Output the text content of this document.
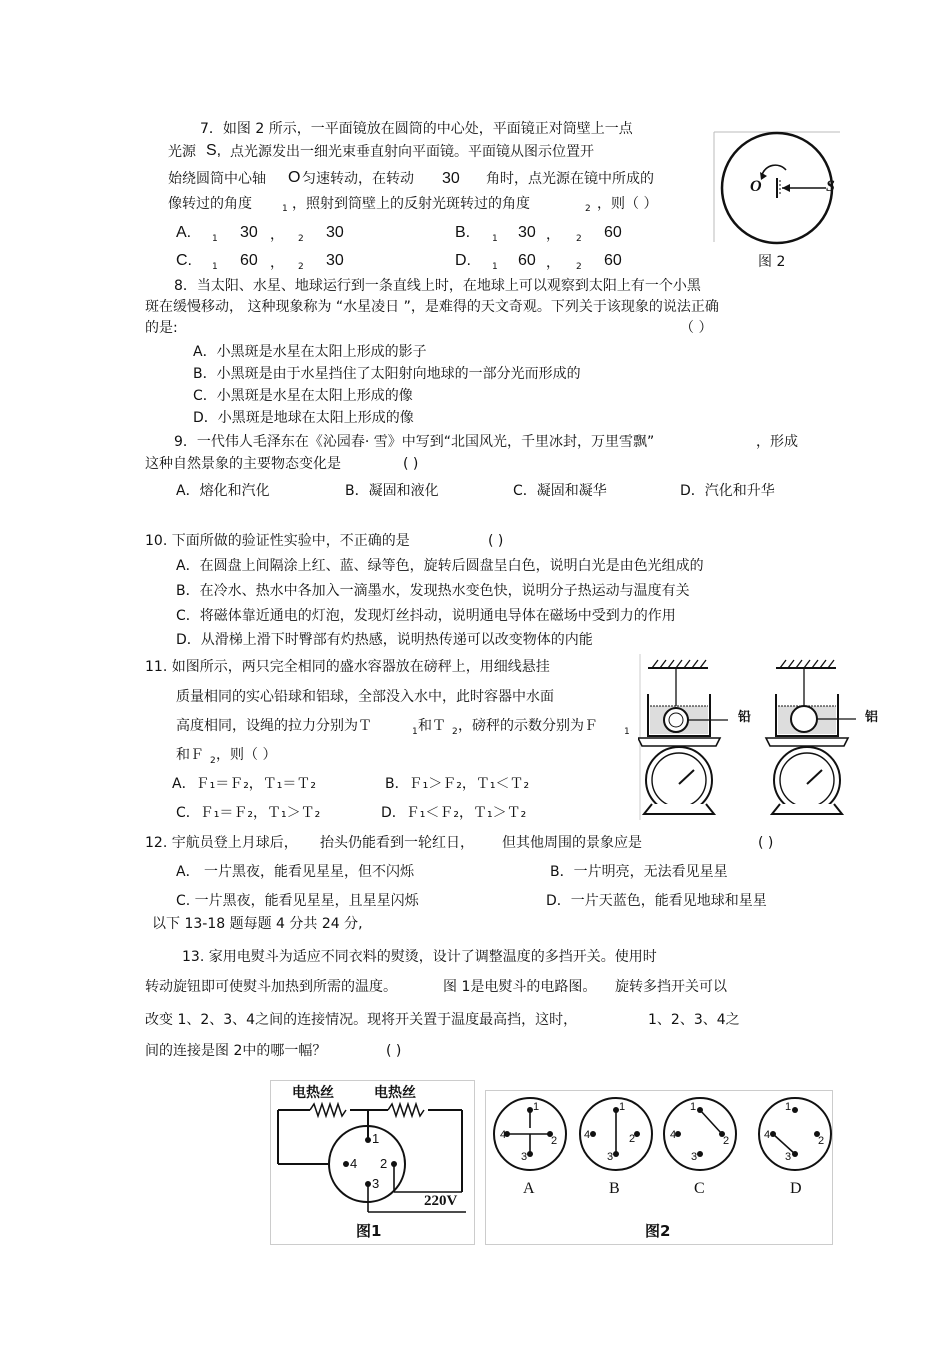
7．如图 2 所示，一平面镜放在圆筒的中心处，平面镜正对筒壁上一点
光源 S, 点光源发出一细光束垂直射向平面镜。平面镜从图示位置开
始绕圆筒中心轴 O 匀速转动，在转动 30 角时，点光源在镜中所成的
像转过的角度	1 ，照射到筒壁上的反射光斑转过的角度	2 ，则（ ）
A. 1 30 ， 2 30	B. 1 30 ， 2 60
C. 1 60 ， 2 30	D. 1 60 ， 2 60
O	S
图 2
8．当太阳、水星、地球运行到一条直线上时，在地球上可以观察到太阳上有一个小黑
斑在缓慢移动， 这种现象称为 “水星凌日 ”，是难得的天文奇观。下列关于该现象的说法正确
的是:	（ ）
A．小黑斑是水星在太阳上形成的影子
B．小黑斑是由于水星挡住了太阳射向地球的一部分光而形成的
C．小黑斑是水星在太阳上形成的像
D．小黑斑是地球在太阳上形成的像
9．一代伟人毛泽东在《沁园春· 雪》中写到“北国风光，千里冰封，万里雪飘”	，形成
这种自然景象的主要物态变化是	( )
A．熔化和汽化	B．凝固和液化	C．凝固和凝华	D．汽化和升华
10. 下面所做的验证性实验中，不正确的是	( )
A．在圆盘上间隔涂上红、蓝、绿等色，旋转后圆盘呈白色，说明白光是由色光组成的
B．在冷水、热水中各加入一滴墨水，发现热水变色快，说明分子热运动与温度有关
C．将磁体靠近通电的灯泡，发现灯丝抖动，说明通电导体在磁场中受到力的作用
D．从滑梯上滑下时臀部有灼热感，说明热传递可以改变物体的内能
11. 如图所示，两只完全相同的盛水容器放在磅秤上，用细线悬挂
质量相同的实心铅球和铝球，全部没入水中，此时容器中水面
高度相同，设绳的拉力分别为Ｔ	1 和Ｔ 2 ，磅秤的示数分别为Ｆ	1
和Ｆ 2 ，则（ ）
A．Ｆ₁＝Ｆ₂，Ｔ₁＝Ｔ₂	B．Ｆ₁＞Ｆ₂，Ｔ₁＜Ｔ₂
C．Ｆ₁＝Ｆ₂，Ｔ₁＞Ｔ₂	D．Ｆ₁＜Ｆ₂，Ｔ₁＞Ｔ₂
铅	铝
12. 宇航员登上月球后， 抬头仍能看到一轮红日， 但其他周围的景象应是	( )
A． 一片黑夜，能看见星星，但不闪烁	B．一片明亮，无法看见星星
C. 一片黑夜，能看见星星，且星星闪烁	D．一片天蓝色，能看见地球和星星
以下 13-18 题每题 4 分共 24 分,
13. 家用电熨斗为适应不同衣料的熨烫，设计了调整温度的多挡开关。使用时
转动旋钮即可使熨斗加热到所需的温度。	图 1是电熨斗的电路图。 旋转多挡开关可以
改变 1、2、3、4之间的连接情况。现将开关置于温度最高挡，这时，	1、2、3、4之
间的连接是图 2中的哪一幅？	( )
电热丝	电热丝
1
4 2
3
220V
图1
1
4	2
3
1
4	2
3
1
4	2
3
1
4	2
3
A	B	C	D
图2
